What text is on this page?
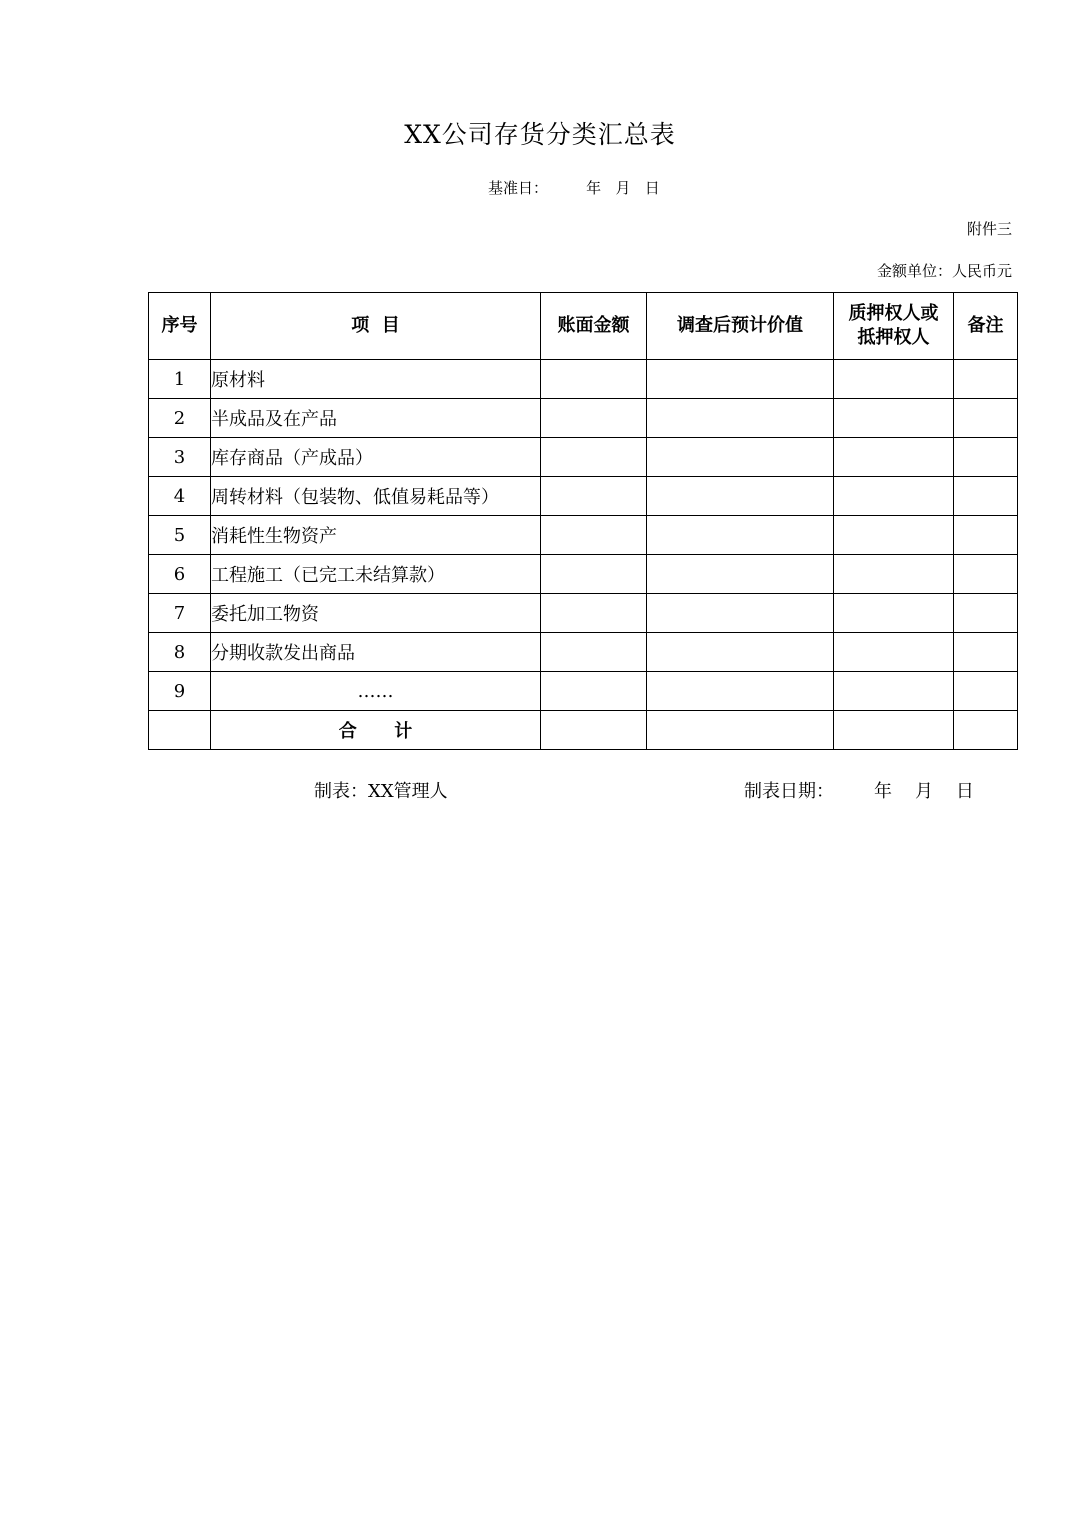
XX公司存货分类汇总表
基准日：        年   月   日
附件三
金额单位：人民币元
序号	项  目	账面金额	调查后预计价值	质押权人或抵押权人	备注
1	原材料				
2	半成品及在产品				
3	库存商品（产成品）				
4	周转材料（包装物、低值易耗品等）				
5	消耗性生物资产				
6	工程施工（已完工未结算款）				
7	委托加工物资				
8	分期收款发出商品				
9	……				
	合      计				
制表：XX管理人	制表日期：       年    月    日
